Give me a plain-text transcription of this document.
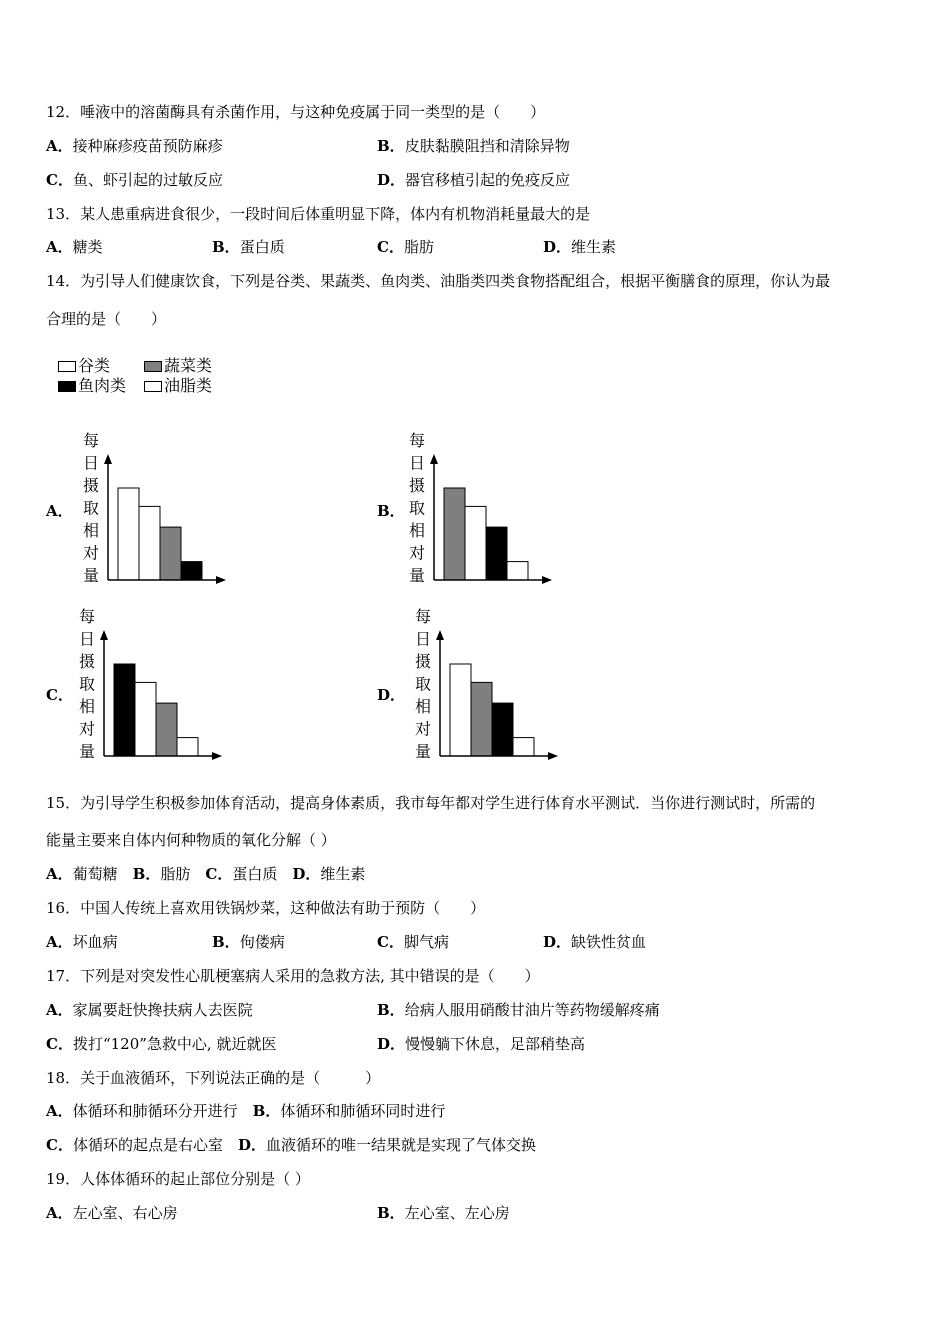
12．唾液中的溶菌酶具有杀菌作用，与这种免疫属于同一类型的是（　　）
A．接种麻疹疫苗预防麻疹	B．皮肤黏膜阻挡和清除异物
C．鱼、虾引起的过敏反应	D．器官移植引起的免疫反应
13．某人患重病进食很少，一段时间后体重明显下降，体内有机物消耗量最大的是
A．糖类	B．蛋白质	C．脂肪	D．维生素
14．为引导人们健康饮食，下列是谷类、果蔬类、鱼肉类、油脂类四类食物搭配组合，根据平衡膳食的原理，你认为最
合理的是（　　）
谷类	蔬菜类
鱼肉类	油脂类
A．	B．
C．	D．
每
日
摄
取
相
对
量
每
日
摄
取
相
对
量
每
日
摄
取
相
对
量
每
日
摄
取
相
对
量
15．为引导学生积极参加体育活动，提高身体素质，我市每年都对学生进行体育水平测试．当你进行测试时，所需的
能量主要来自体内何种物质的氧化分解（ ）
A．葡萄糖　 B．脂肪　 C．蛋白质　 D．维生素
16．中国人传统上喜欢用铁锅炒菜，这种做法有助于预防（　　）
A．坏血病	B．佝偻病	C．脚气病	D．缺铁性贫血
17．下列是对突发性心肌梗塞病人采用的急救方法, 其中错误的是（　　）
A．家属要赶快搀扶病人去医院	B．给病人服用硝酸甘油片等药物缓解疼痛
C．拨打“120”急救中心, 就近就医	D．慢慢躺下休息，足部稍垫高
18．关于血液循环，下列说法正确的是（　　　）
A．体循环和肺循环分开进行　 B．体循环和肺循环同时进行
C．体循环的起点是右心室　 D．血液循环的唯一结果就是实现了气体交换
19．人体体循环的起止部位分别是（ ）
A．左心室、右心房	B．左心室、左心房
